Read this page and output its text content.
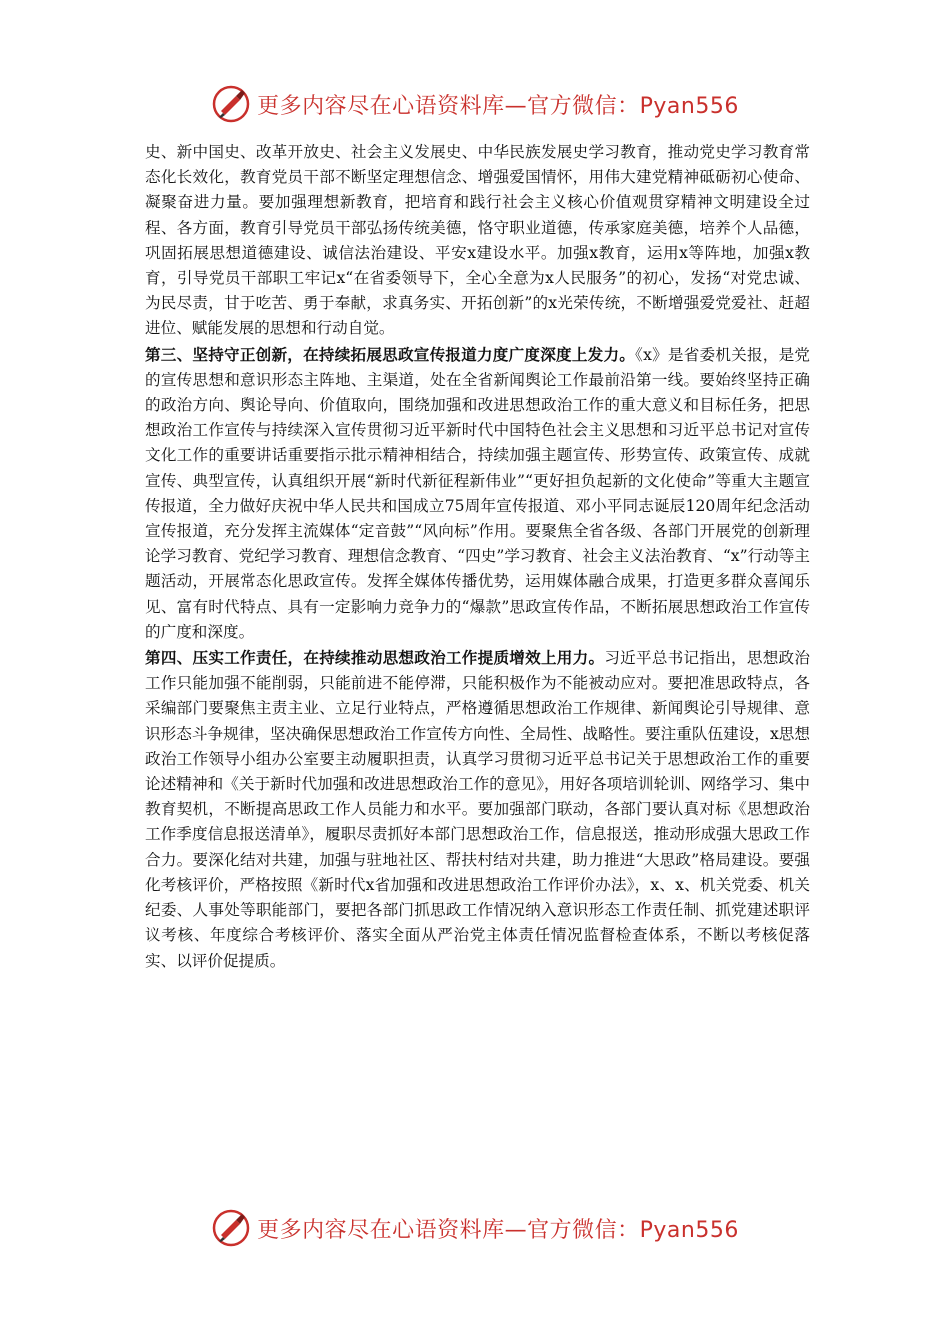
更多内容尽在心语资料库—官方微信：Pyan556

史、新中国史、改革开放史、社会主义发展史、中华民族发展史学习教育，推动党史学习教育常态化长效化，教育党员干部不断坚定理想信念、增强爱国情怀，用伟大建党精神砥砺初心使命、凝聚奋进力量。要加强理想新教育，把培育和践行社会主义核心价值观贯穿精神文明建设全过程、各方面，教育引导党员干部弘扬传统美德，恪守职业道德，传承家庭美德，培养个人品德，巩固拓展思想道德建设、诚信法治建设、平安x建设水平。加强x教育，运用x等阵地，加强x教育，引导党员干部职工牢记x“在省委领导下，全心全意为x人民服务”的初心，发扬“对党忠诚、为民尽责，甘于吃苦、勇于奉献，求真务实、开拓创新”的x光荣传统，不断增强爱党爱社、赶超进位、赋能发展的思想和行动自觉。

第三、坚持守正创新，在持续拓展思政宣传报道力度广度深度上发力。《x》是省委机关报，是党的宣传思想和意识形态主阵地、主渠道，处在全省新闻舆论工作最前沿第一线。要始终坚持正确的政治方向、舆论导向、价值取向，围绕加强和改进思想政治工作的重大意义和目标任务，把思想政治工作宣传与持续深入宣传贯彻习近平新时代中国特色社会主义思想和习近平总书记对宣传文化工作的重要讲话重要指示批示精神相结合，持续加强主题宣传、形势宣传、政策宣传、成就宣传、典型宣传，认真组织开展“新时代新征程新伟业”“更好担负起新的文化使命”等重大主题宣传报道，全力做好庆祝中华人民共和国成立75周年宣传报道、邓小平同志诞辰120周年纪念活动宣传报道，充分发挥主流媒体“定音鼓”“风向标”作用。要聚焦全省各级、各部门开展党的创新理论学习教育、党纪学习教育、理想信念教育、“四史”学习教育、社会主义法治教育、“x”行动等主题活动，开展常态化思政宣传。发挥全媒体传播优势，运用媒体融合成果，打造更多群众喜闻乐见、富有时代特点、具有一定影响力竞争力的“爆款”思政宣传作品，不断拓展思想政治工作宣传的广度和深度。

第四、压实工作责任，在持续推动思想政治工作提质增效上用力。习近平总书记指出，思想政治工作只能加强不能削弱，只能前进不能停滞，只能积极作为不能被动应对。要把准思政特点，各采编部门要聚焦主责主业、立足行业特点，严格遵循思想政治工作规律、新闻舆论引导规律、意识形态斗争规律，坚决确保思想政治工作宣传方向性、全局性、战略性。要注重队伍建设，x思想政治工作领导小组办公室要主动履职担责，认真学习贯彻习近平总书记关于思想政治工作的重要论述精神和《关于新时代加强和改进思想政治工作的意见》，用好各项培训轮训、网络学习、集中教育契机，不断提高思政工作人员能力和水平。要加强部门联动，各部门要认真对标《思想政治工作季度信息报送清单》，履职尽责抓好本部门思想政治工作，信息报送，推动形成强大思政工作合力。要深化结对共建，加强与驻地社区、帮扶村结对共建，助力推进“大思政”格局建设。要强化考核评价，严格按照《新时代x省加强和改进思想政治工作评价办法》，x、x、机关党委、机关纪委、人事处等职能部门，要把各部门抓思政工作情况纳入意识形态工作责任制、抓党建述职评议考核、年度综合考核评价、落实全面从严治党主体责任情况监督检查体系，不断以考核促落实、以评价促提质。

更多内容尽在心语资料库—官方微信：Pyan556
